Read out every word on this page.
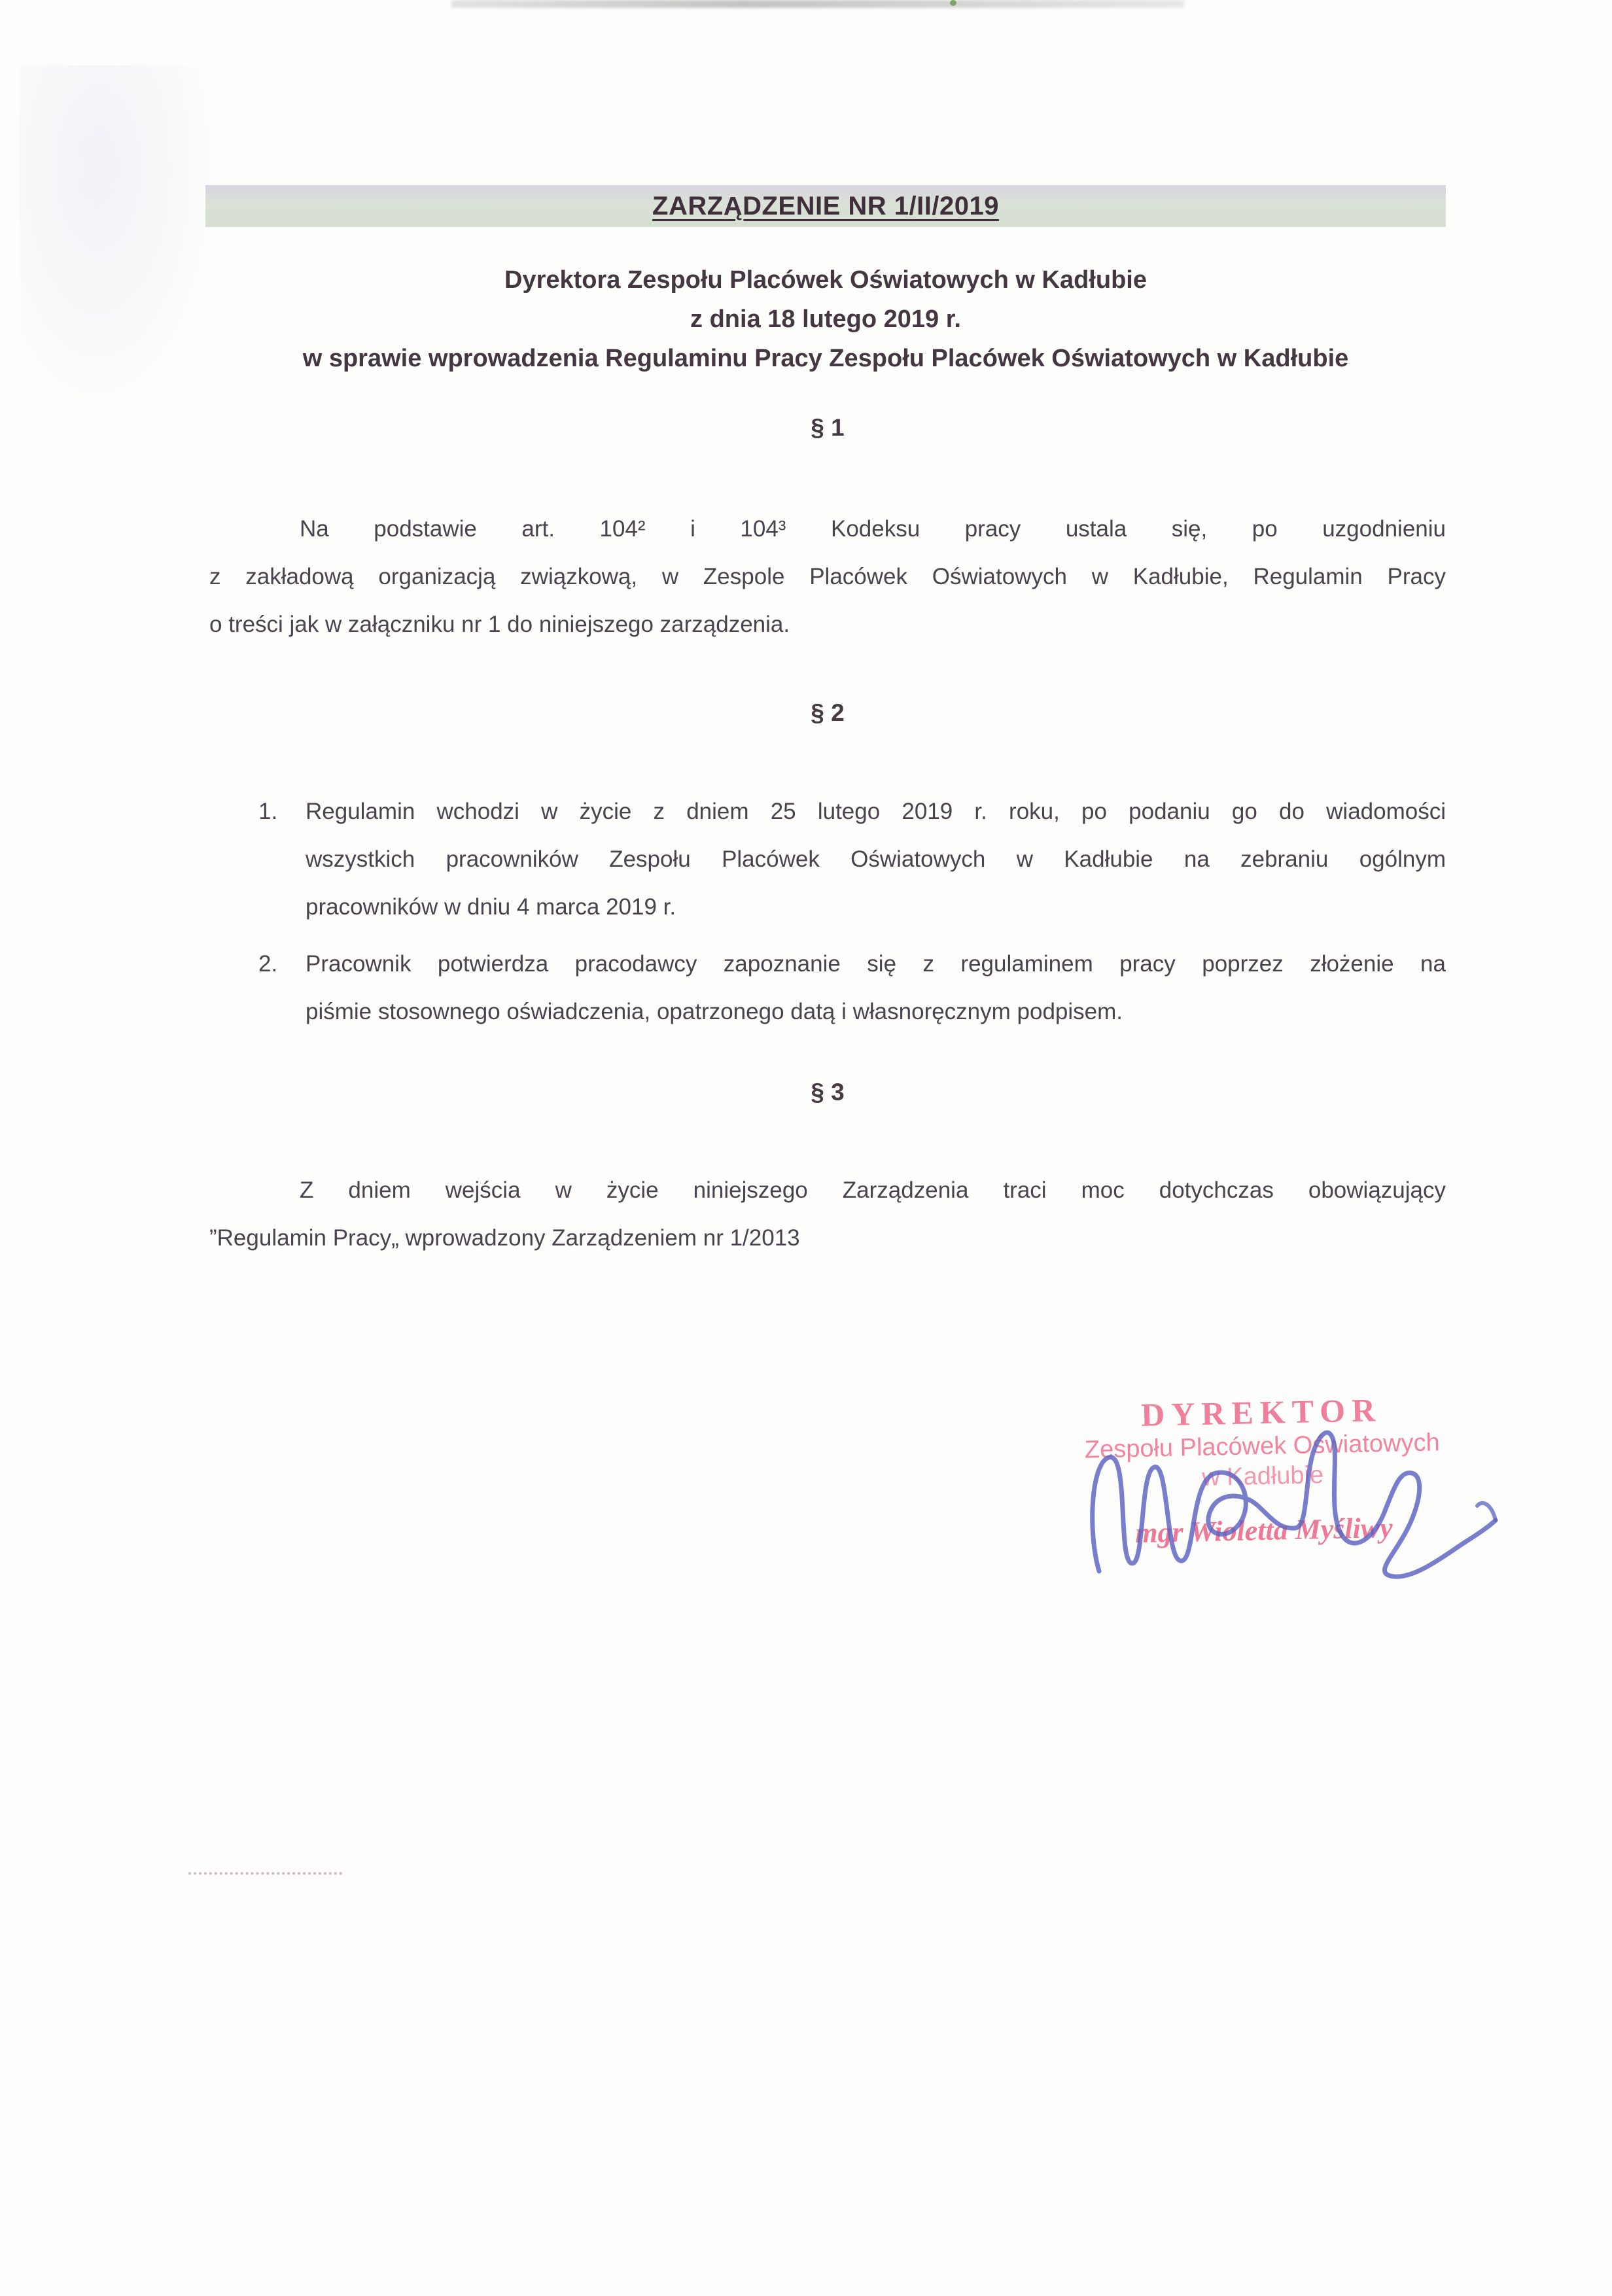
ZARZĄDZENIE NR 1/II/2019
Dyrektora Zespołu Placówek Oświatowych w Kadłubie
z dnia 18 lutego 2019 r.
w sprawie wprowadzenia Regulaminu Pracy Zespołu Placówek Oświatowych w Kadłubie
§ 1
Na podstawie art. 104² i 104³ Kodeksu pracy ustala się, po uzgodnieniu
z zakładową organizacją związkową, w Zespole Placówek Oświatowych w Kadłubie, Regulamin Pracy
o treści jak w załączniku nr 1 do niniejszego zarządzenia.
§ 2
1. Regulamin wchodzi w życie z dniem 25 lutego 2019 r. roku, po podaniu go do wiadomości
wszystkich pracowników Zespołu Placówek Oświatowych w Kadłubie na zebraniu ogólnym
pracowników w dniu 4 marca 2019 r.
2. Pracownik potwierdza pracodawcy zapoznanie się z regulaminem pracy poprzez złożenie na
piśmie stosownego oświadczenia, opatrzonego datą i własnoręcznym podpisem.
§ 3
Z dniem wejścia w życie niniejszego Zarządzenia traci moc dotychczas obowiązujący
”Regulamin Pracy„ wprowadzony Zarządzeniem nr 1/2013
DYREKTOR
Zespołu Placówek Oświatowych
w Kadłubie
mgr Wioletta Myśliwy
